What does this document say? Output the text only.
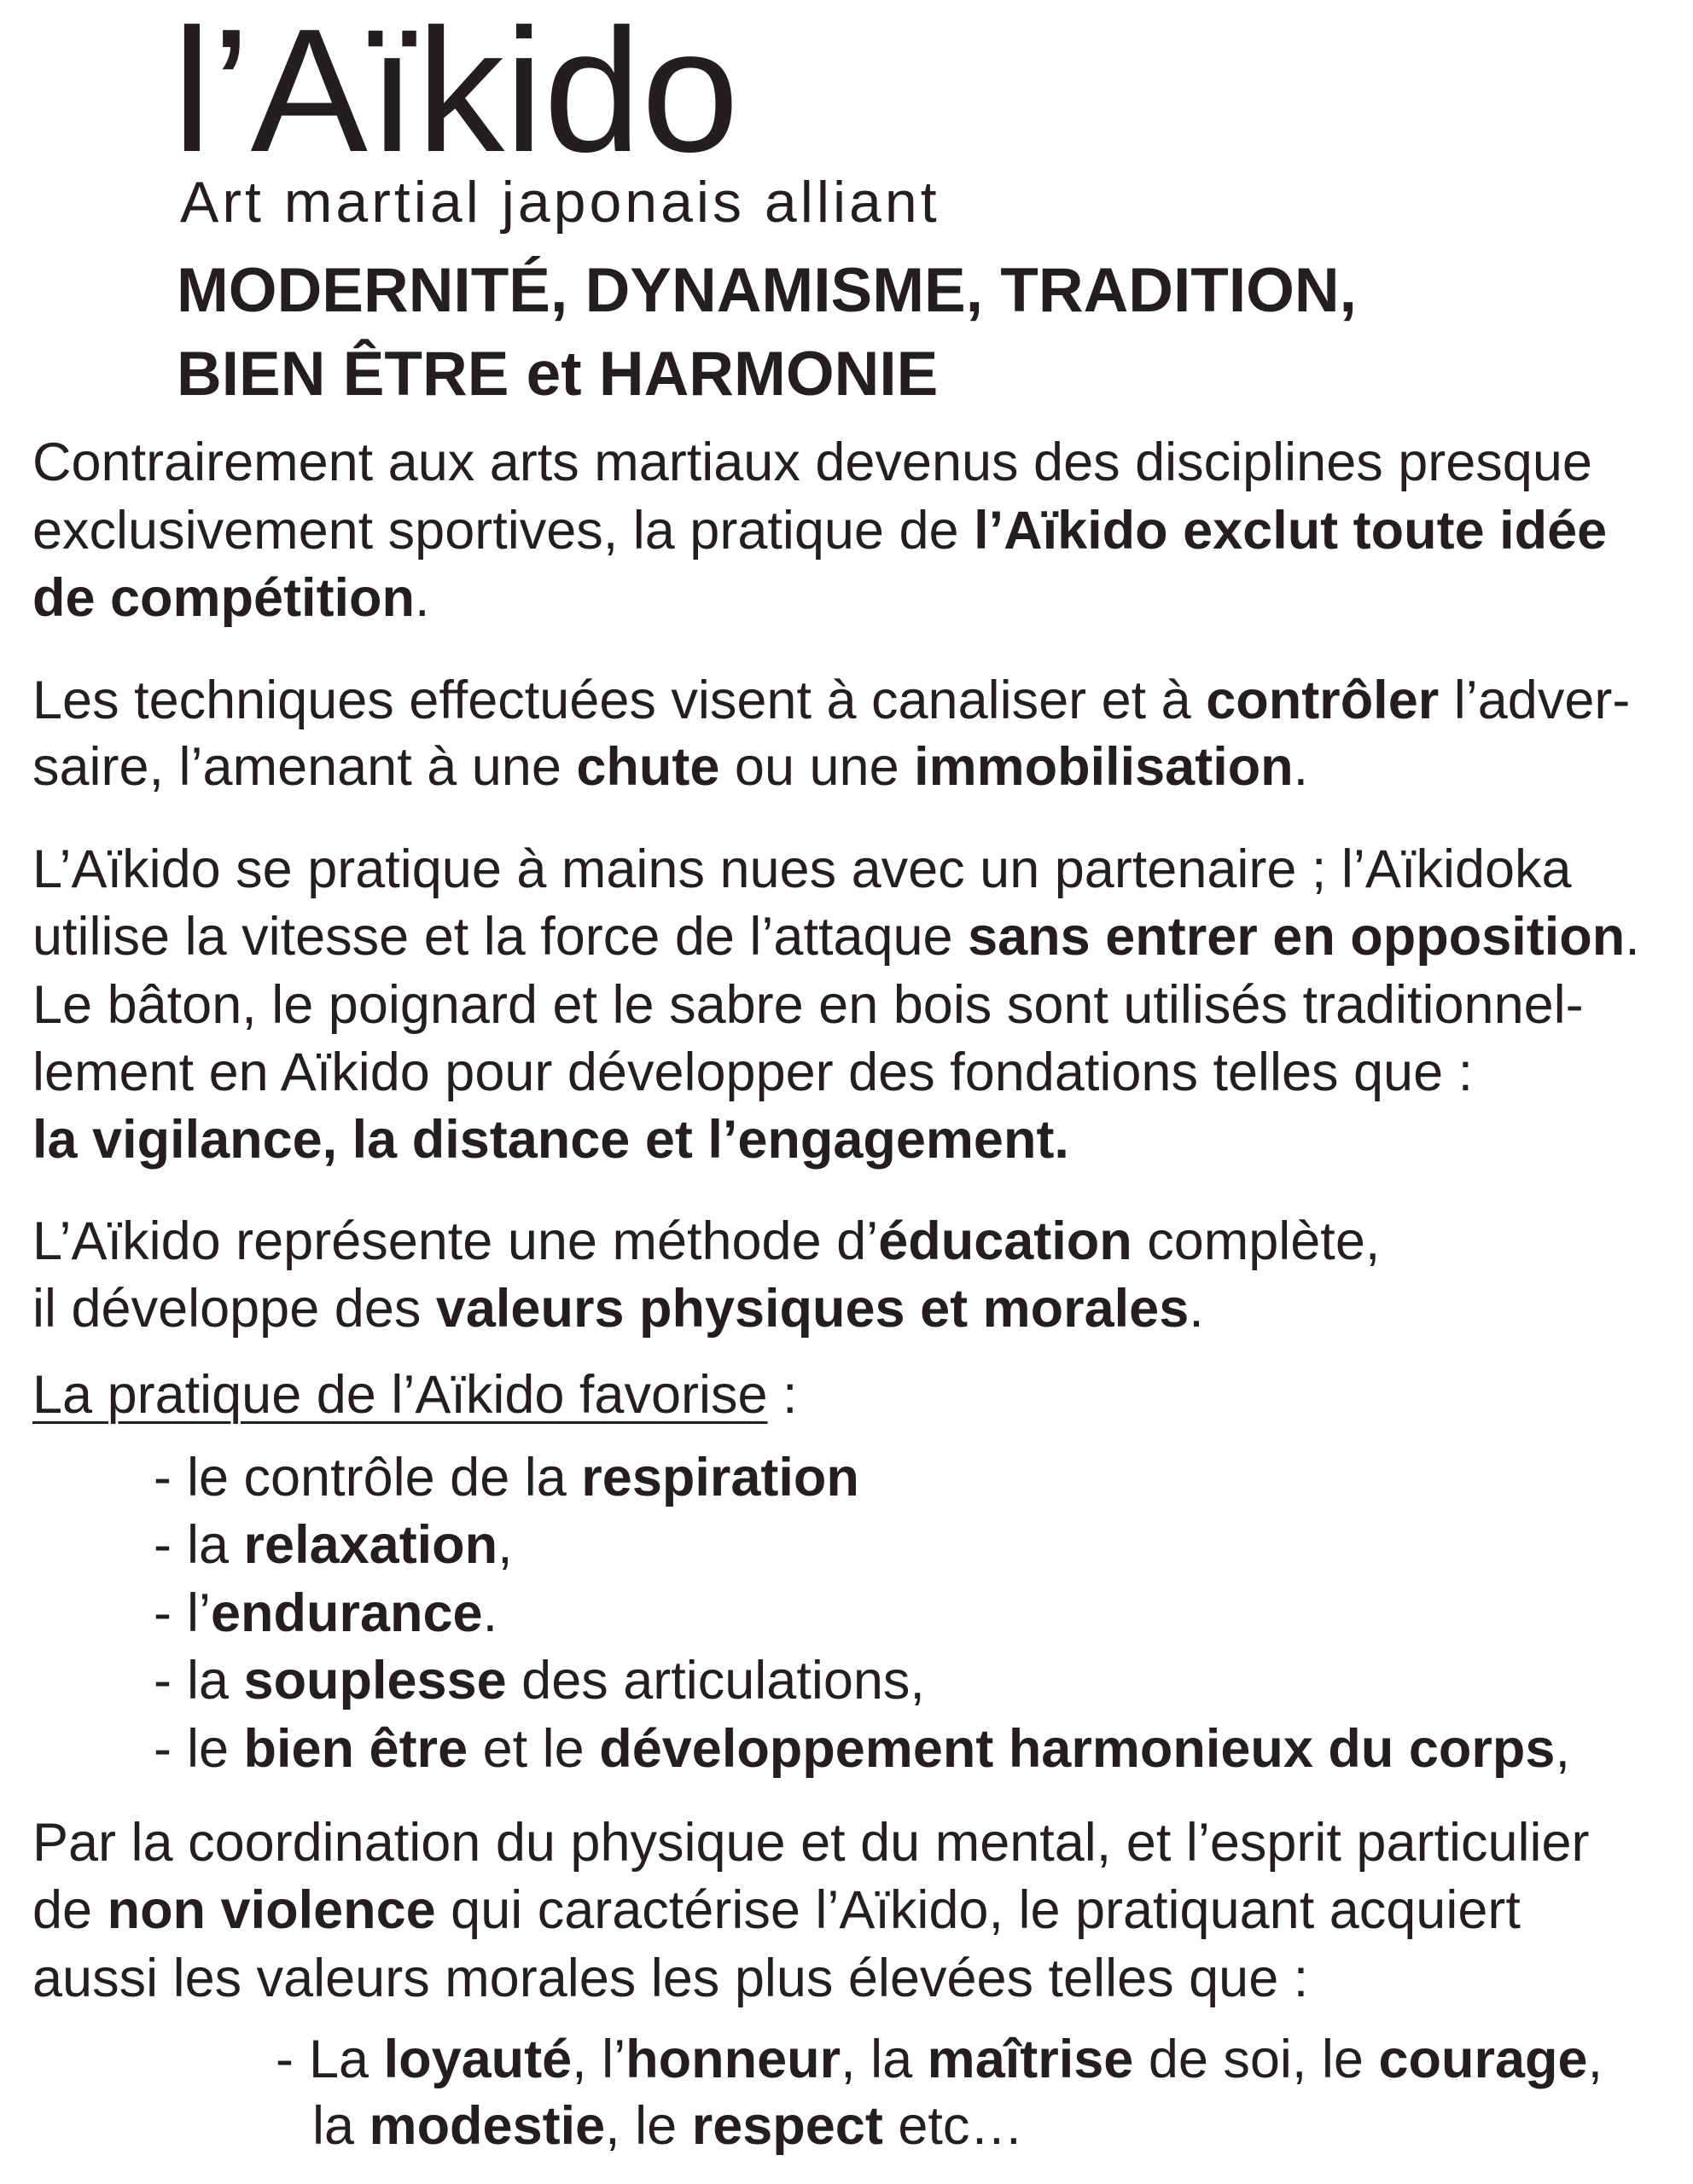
l’Aïkido
Art martial japonais alliant
MODERNITÉ, DYNAMISME, TRADITION,
BIEN ÊTRE et HARMONIE
Contrairement aux arts martiaux devenus des disciplines presque
exclusivement sportives, la pratique de l’Aïkido exclut toute idée
de compétition .
Les techniques effectuées visent à canaliser et à contrôler l’adver-
saire, l’amenant à une chute ou une immobilisation .
L’Aïkido se pratique à mains nues avec un partenaire ; l’Aïkidoka
utilise la vitesse et la force de l’attaque sans entrer en opposition .
Le bâton, le poignard et le sabre en bois sont utilisés traditionnel-
lement en Aïkido pour développer des fondations telles que :
la vigilance, la distance et l’engagement.
L’Aïkido représente une méthode d’ éducation complète,
il développe des valeurs physiques et morales .
La pratique de l’Aïkido favorise :
- le contrôle de la respiration
- la relaxation ,
- l’ endurance .
- la souplesse des articulations,
- le bien être et le développement harmonieux du corps ,
Par la coordination du physique et du mental, et l’esprit particulier
de non violence qui caractérise l’Aïkido, le pratiquant acquiert
aussi les valeurs morales les plus élevées telles que :
- La loyauté , l’ honneur , la maîtrise de soi, le courage ,
la modestie , le respect etc…
